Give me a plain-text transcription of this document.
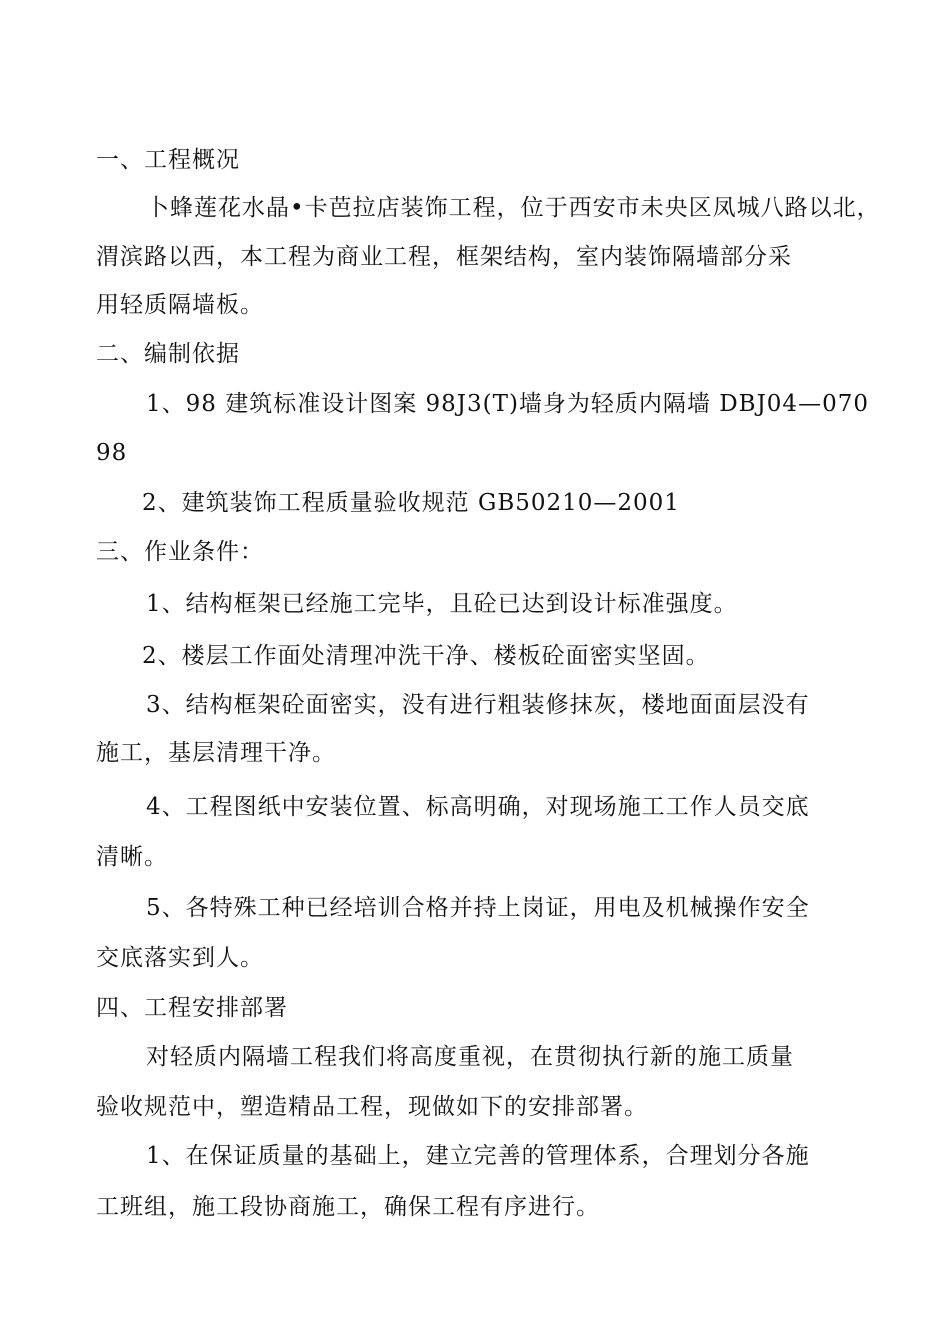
一、工程概况
卜蜂莲花水晶•卡芭拉店装饰工程，位于西安市未央区凤城八路以北，
渭滨路以西，本工程为商业工程，框架结构，室内装饰隔墙部分采
用轻质隔墙板。
二、编制依据
1、98 建筑标准设计图案 98J3(T)墙身为轻质内隔墙 DBJ04—070
98
2、建筑装饰工程质量验收规范 GB50210—2001
三、作业条件：
1、结构框架已经施工完毕，且砼已达到设计标准强度。
2、楼层工作面处清理冲洗干净、楼板砼面密实坚固。
3、结构框架砼面密实，没有进行粗装修抹灰，楼地面面层没有
施工，基层清理干净。
4、工程图纸中安装位置、标高明确，对现场施工工作人员交底
清晰。
5、各特殊工种已经培训合格并持上岗证，用电及机械操作安全
交底落实到人。
四、工程安排部署
对轻质内隔墙工程我们将高度重视，在贯彻执行新的施工质量
验收规范中，塑造精品工程，现做如下的安排部署。
1、在保证质量的基础上，建立完善的管理体系，合理划分各施
工班组，施工段协商施工，确保工程有序进行。
